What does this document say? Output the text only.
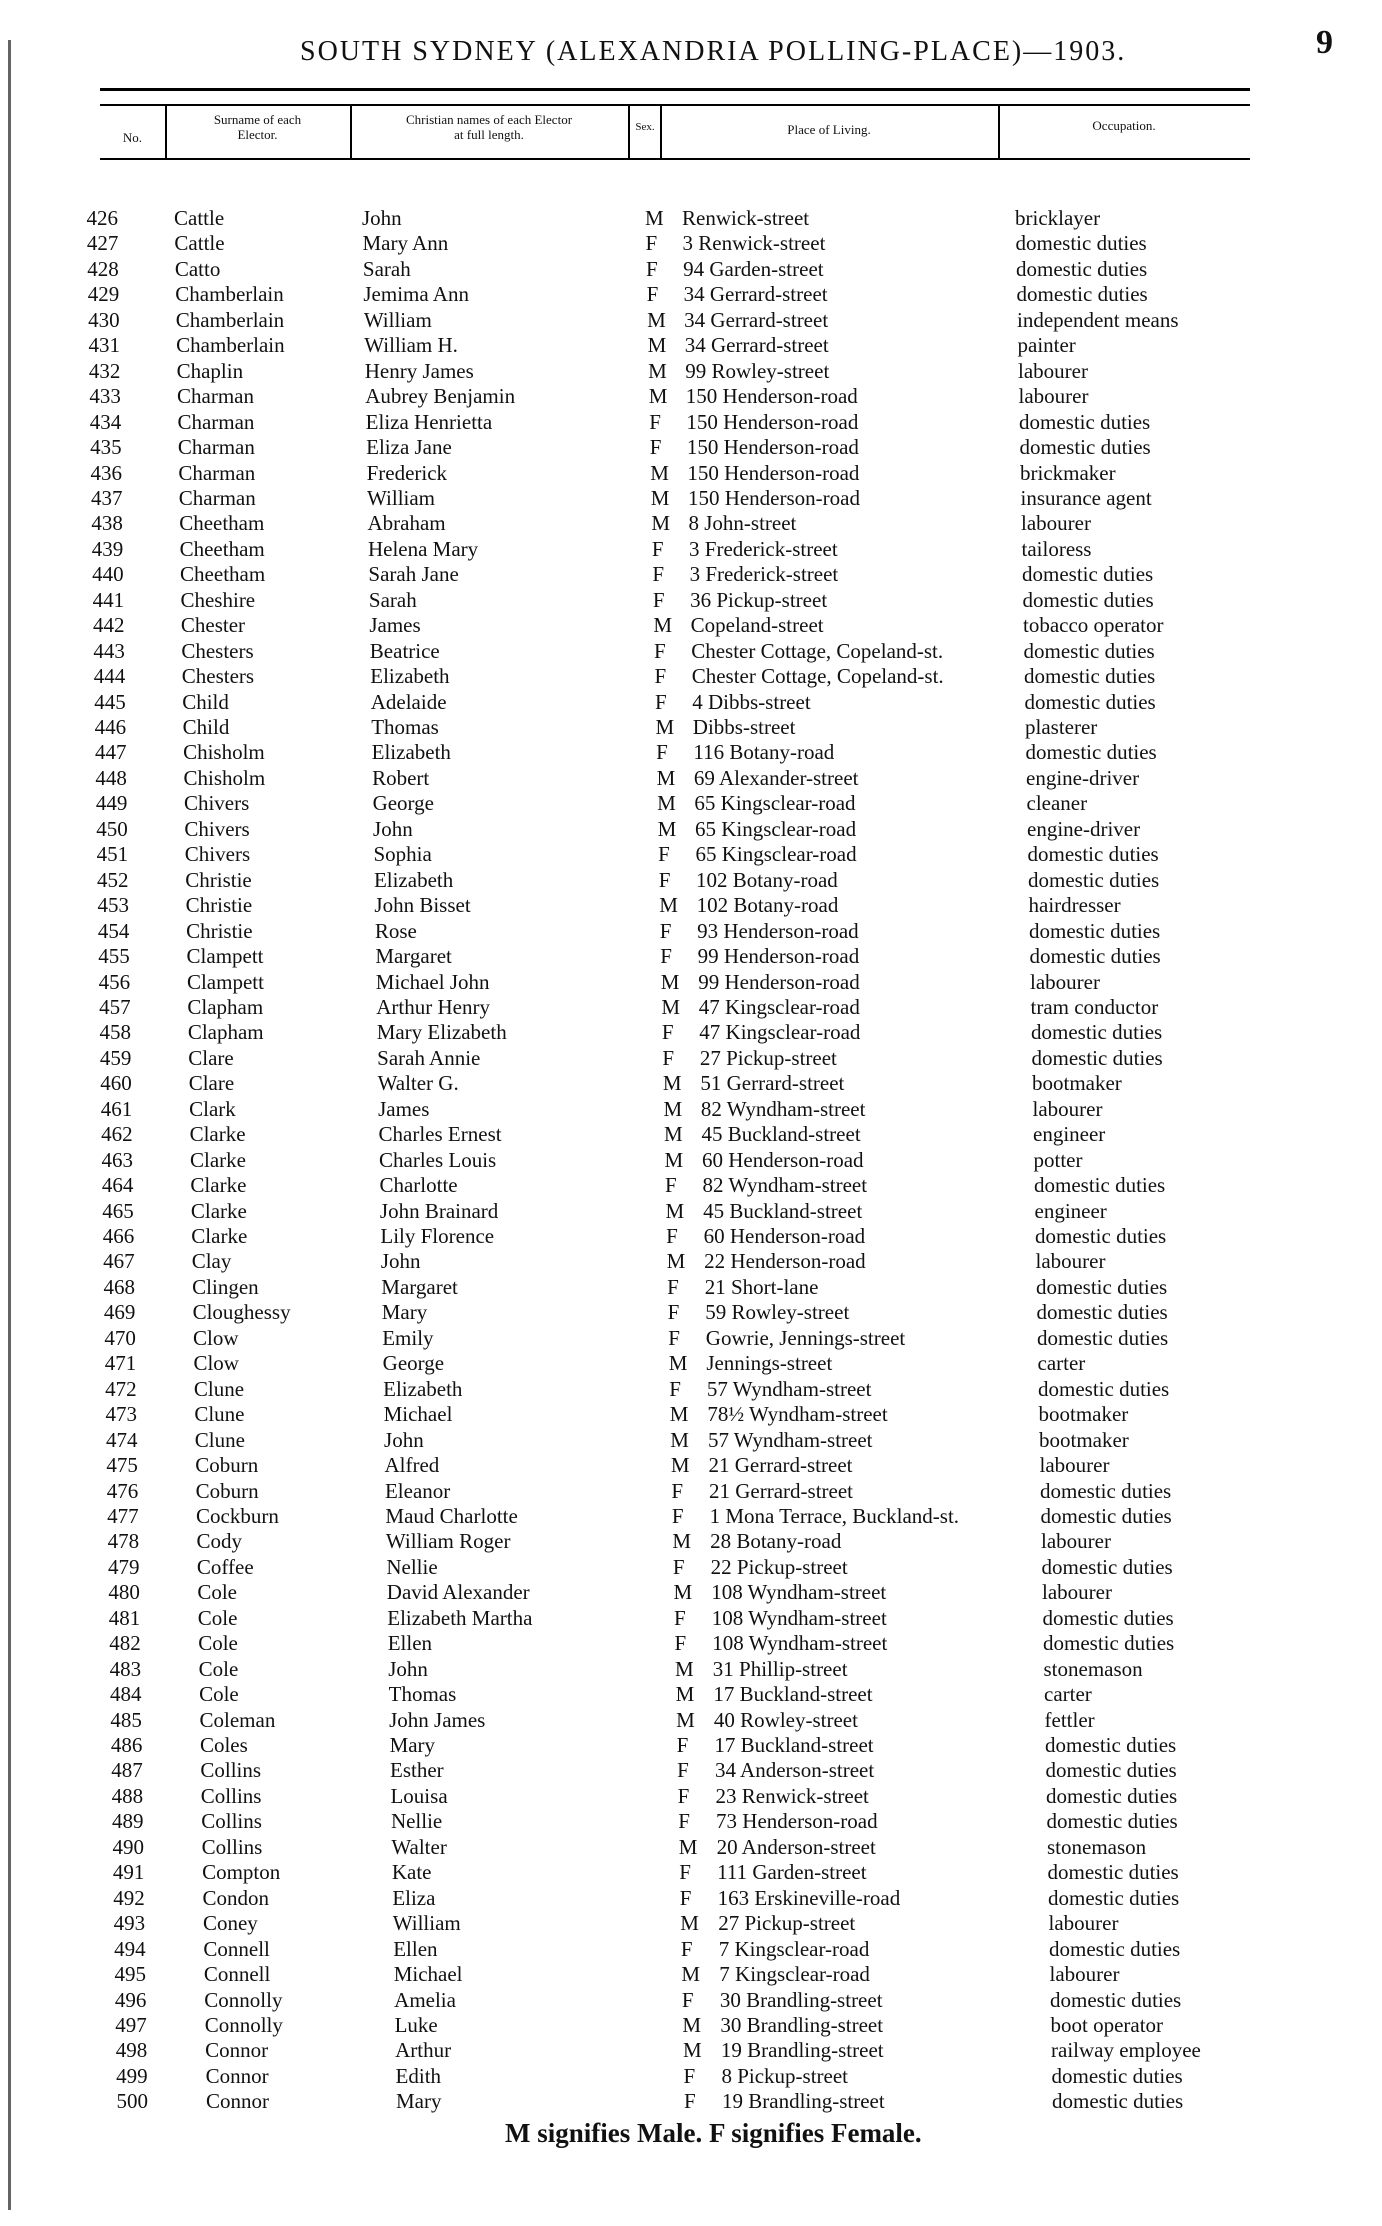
SOUTH SYDNEY (ALEXANDRIA POLLING-PLACE)—1903.	9
No.
Surname of each
Elector.
Christian names of each Elector
at full length.	Sex.	Place of Living.	Occupation.
426	Cattle	John	M Renwick-street	bricklayer
427	Cattle	Mary Ann	F	3 Renwick-street	domestic duties
428	Catto	Sarah	F	94 Garden-street	domestic duties
429	Chamberlain	Jemima Ann	F	34 Gerrard-street	domestic duties
430	Chamberlain	William	M 34 Gerrard-street	independent means
431	Chamberlain	William H.	M 34 Gerrard-street	painter
432	Chaplin	Henry James	M 99 Rowley-street	labourer
433	Charman	Aubrey Benjamin	M 150 Henderson-road	labourer
434	Charman	Eliza Henrietta	F	150 Henderson-road	domestic duties
435	Charman	Eliza Jane	F	150 Henderson-road	domestic duties
436	Charman	Frederick	M 150 Henderson-road	brickmaker
437	Charman	William	M 150 Henderson-road	insurance agent
438	Cheetham	Abraham	M 8 John-street	labourer
439	Cheetham	Helena Mary	F	3 Frederick-street	tailoress
440	Cheetham	Sarah Jane	F	3 Frederick-street	domestic duties
441	Cheshire	Sarah	F	36 Pickup-street	domestic duties
442	Chester	James	M Copeland-street	tobacco operator
443	Chesters	Beatrice	F	Chester Cottage, Copeland-st.	domestic duties
444	Chesters	Elizabeth	F	Chester Cottage, Copeland-st.	domestic duties
445	Child	Adelaide	F	4 Dibbs-street	domestic duties
446	Child	Thomas	M Dibbs-street	plasterer
447	Chisholm	Elizabeth	F	116 Botany-road	domestic duties
448	Chisholm	Robert	M 69 Alexander-street	engine-driver
449	Chivers	George	M 65 Kingsclear-road	cleaner
450	Chivers	John	M 65 Kingsclear-road	engine-driver
451	Chivers	Sophia	F	65 Kingsclear-road	domestic duties
452	Christie	Elizabeth	F	102 Botany-road	domestic duties
453	Christie	John Bisset	M 102 Botany-road	hairdresser
454	Christie	Rose	F	93 Henderson-road	domestic duties
455	Clampett	Margaret	F	99 Henderson-road	domestic duties
456	Clampett	Michael John	M 99 Henderson-road	labourer
457	Clapham	Arthur Henry	M 47 Kingsclear-road	tram conductor
458	Clapham	Mary Elizabeth	F	47 Kingsclear-road	domestic duties
459	Clare	Sarah Annie	F	27 Pickup-street	domestic duties
460	Clare	Walter G.	M 51 Gerrard-street	bootmaker
461	Clark	James	M 82 Wyndham-street	labourer
462	Clarke	Charles Ernest	M 45 Buckland-street	engineer
463	Clarke	Charles Louis	M 60 Henderson-road	potter
464	Clarke	Charlotte	F	82 Wyndham-street	domestic duties
465	Clarke	John Brainard	M 45 Buckland-street	engineer
466	Clarke	Lily Florence	F	60 Henderson-road	domestic duties
467	Clay	John	M 22 Henderson-road	labourer
468	Clingen	Margaret	F	21 Short-lane	domestic duties
469	Cloughessy	Mary	F	59 Rowley-street	domestic duties
470	Clow	Emily	F	Gowrie, Jennings-street	domestic duties
471	Clow	George	M Jennings-street	carter
472	Clune	Elizabeth	F	57 Wyndham-street	domestic duties
473	Clune	Michael	M 78½ Wyndham-street	bootmaker
474	Clune	John	M 57 Wyndham-street	bootmaker
475	Coburn	Alfred	M 21 Gerrard-street	labourer
476	Coburn	Eleanor	F	21 Gerrard-street	domestic duties
477	Cockburn	Maud Charlotte	F	1 Mona Terrace, Buckland-st.	domestic duties
478	Cody	William Roger	M 28 Botany-road	labourer
479	Coffee	Nellie	F	22 Pickup-street	domestic duties
480	Cole	David Alexander	M 108 Wyndham-street	labourer
481	Cole	Elizabeth Martha	F	108 Wyndham-street	domestic duties
482	Cole	Ellen	F	108 Wyndham-street	domestic duties
483	Cole	John	M 31 Phillip-street	stonemason
484	Cole	Thomas	M 17 Buckland-street	carter
485	Coleman	John James	M 40 Rowley-street	fettler
486	Coles	Mary	F	17 Buckland-street	domestic duties
487	Collins	Esther	F	34 Anderson-street	domestic duties
488	Collins	Louisa	F	23 Renwick-street	domestic duties
489	Collins	Nellie	F	73 Henderson-road	domestic duties
490	Collins	Walter	M 20 Anderson-street	stonemason
491	Compton	Kate	F	111 Garden-street	domestic duties
492	Condon	Eliza	F	163 Erskineville-road	domestic duties
493	Coney	William	M 27 Pickup-street	labourer
494	Connell	Ellen	F	7 Kingsclear-road	domestic duties
495	Connell	Michael	M 7 Kingsclear-road	labourer
496	Connolly	Amelia	F	30 Brandling-street	domestic duties
497	Connolly	Luke	M 30 Brandling-street	boot operator
498	Connor	Arthur	M 19 Brandling-street	railway employee
499	Connor	Edith	F	8 Pickup-street	domestic duties
500	Connor	Mary	F	19 Brandling-street	domestic duties
M signifies Male. F signifies Female.
